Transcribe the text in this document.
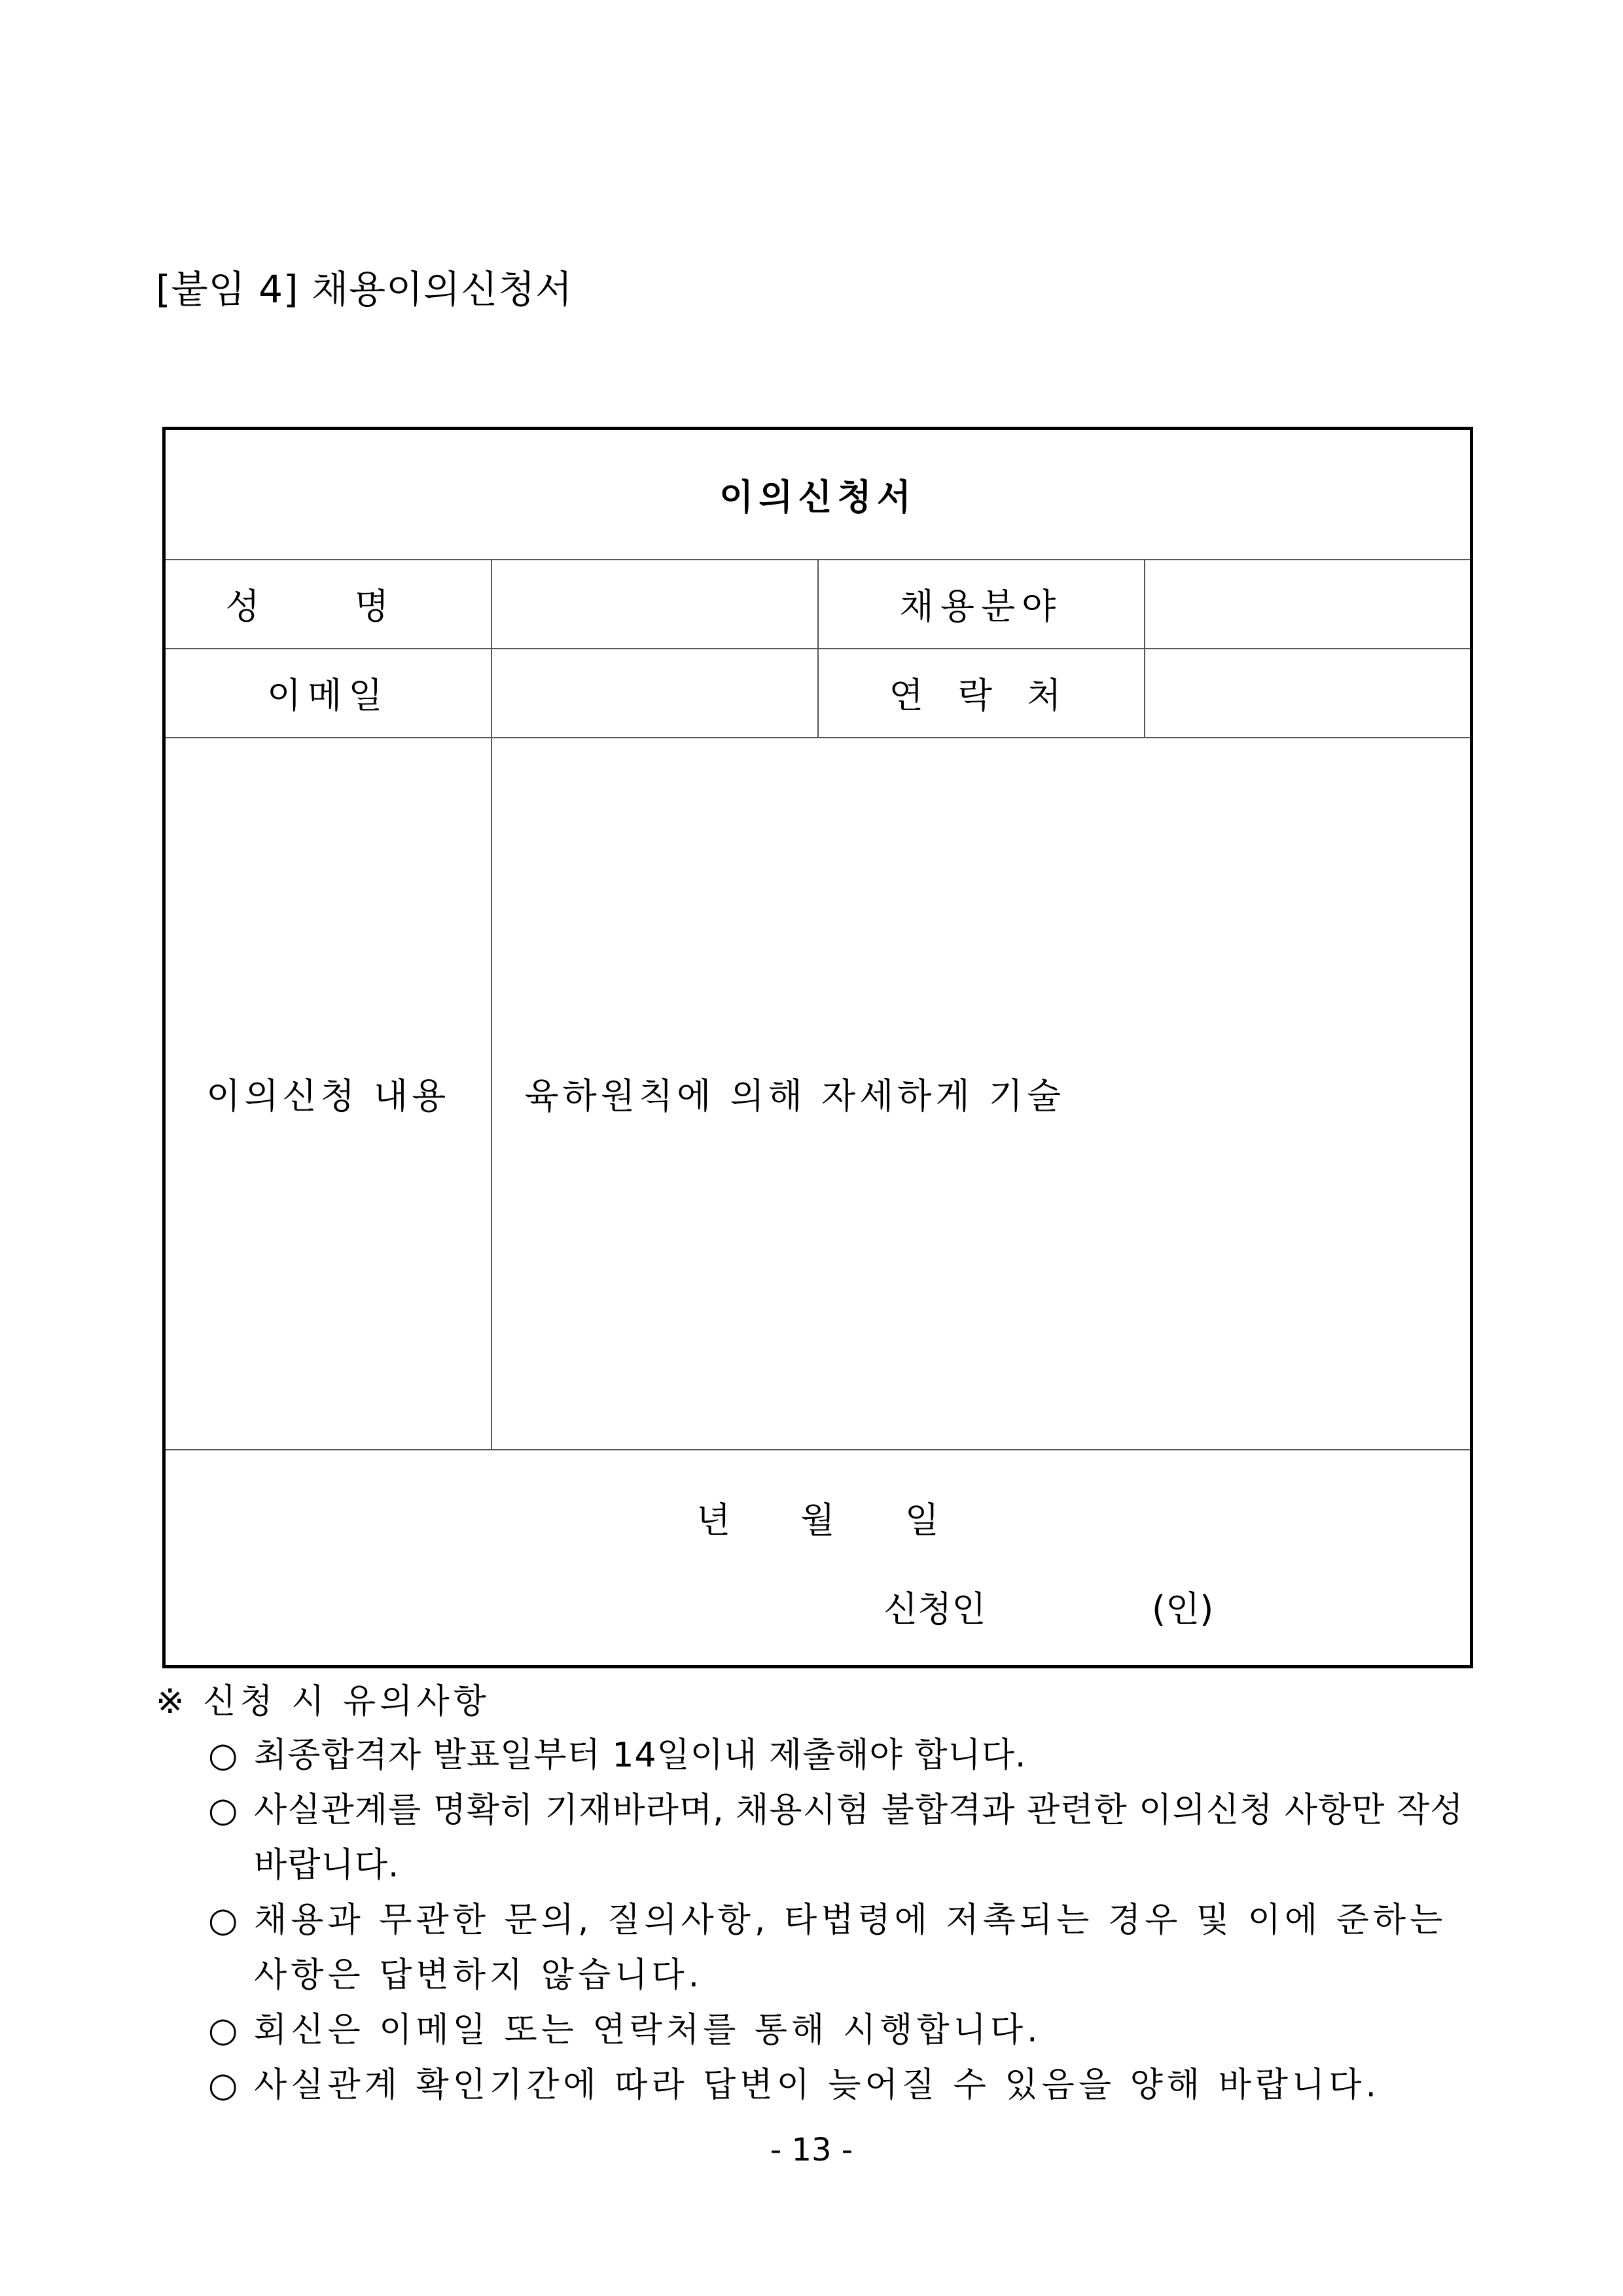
[붙임 4] 채용이의신청서
이의신청서			
성 명		채용분야	
이메일		연 락 처	
이의신청 내용	육하원칙에 의해 자세하게 기술		

년 월 일
신청인 (인)			
※ 신청 시 유의사항
○ 최종합격자 발표일부터 14일이내 제출해야 합니다.
○ 사실관계를 명확히 기재바라며, 채용시험 불합격과 관련한 이의신청 사항만 작성바랍니다.
○ 채용과 무관한 문의, 질의사항, 타법령에 저촉되는 경우 및 이에 준하는 사항은 답변하지 않습니다.
○ 회신은 이메일 또는 연락처를 통해 시행합니다.
○ 사실관계 확인기간에 따라 답변이 늦어질 수 있음을 양해 바랍니다.
- 13 -
